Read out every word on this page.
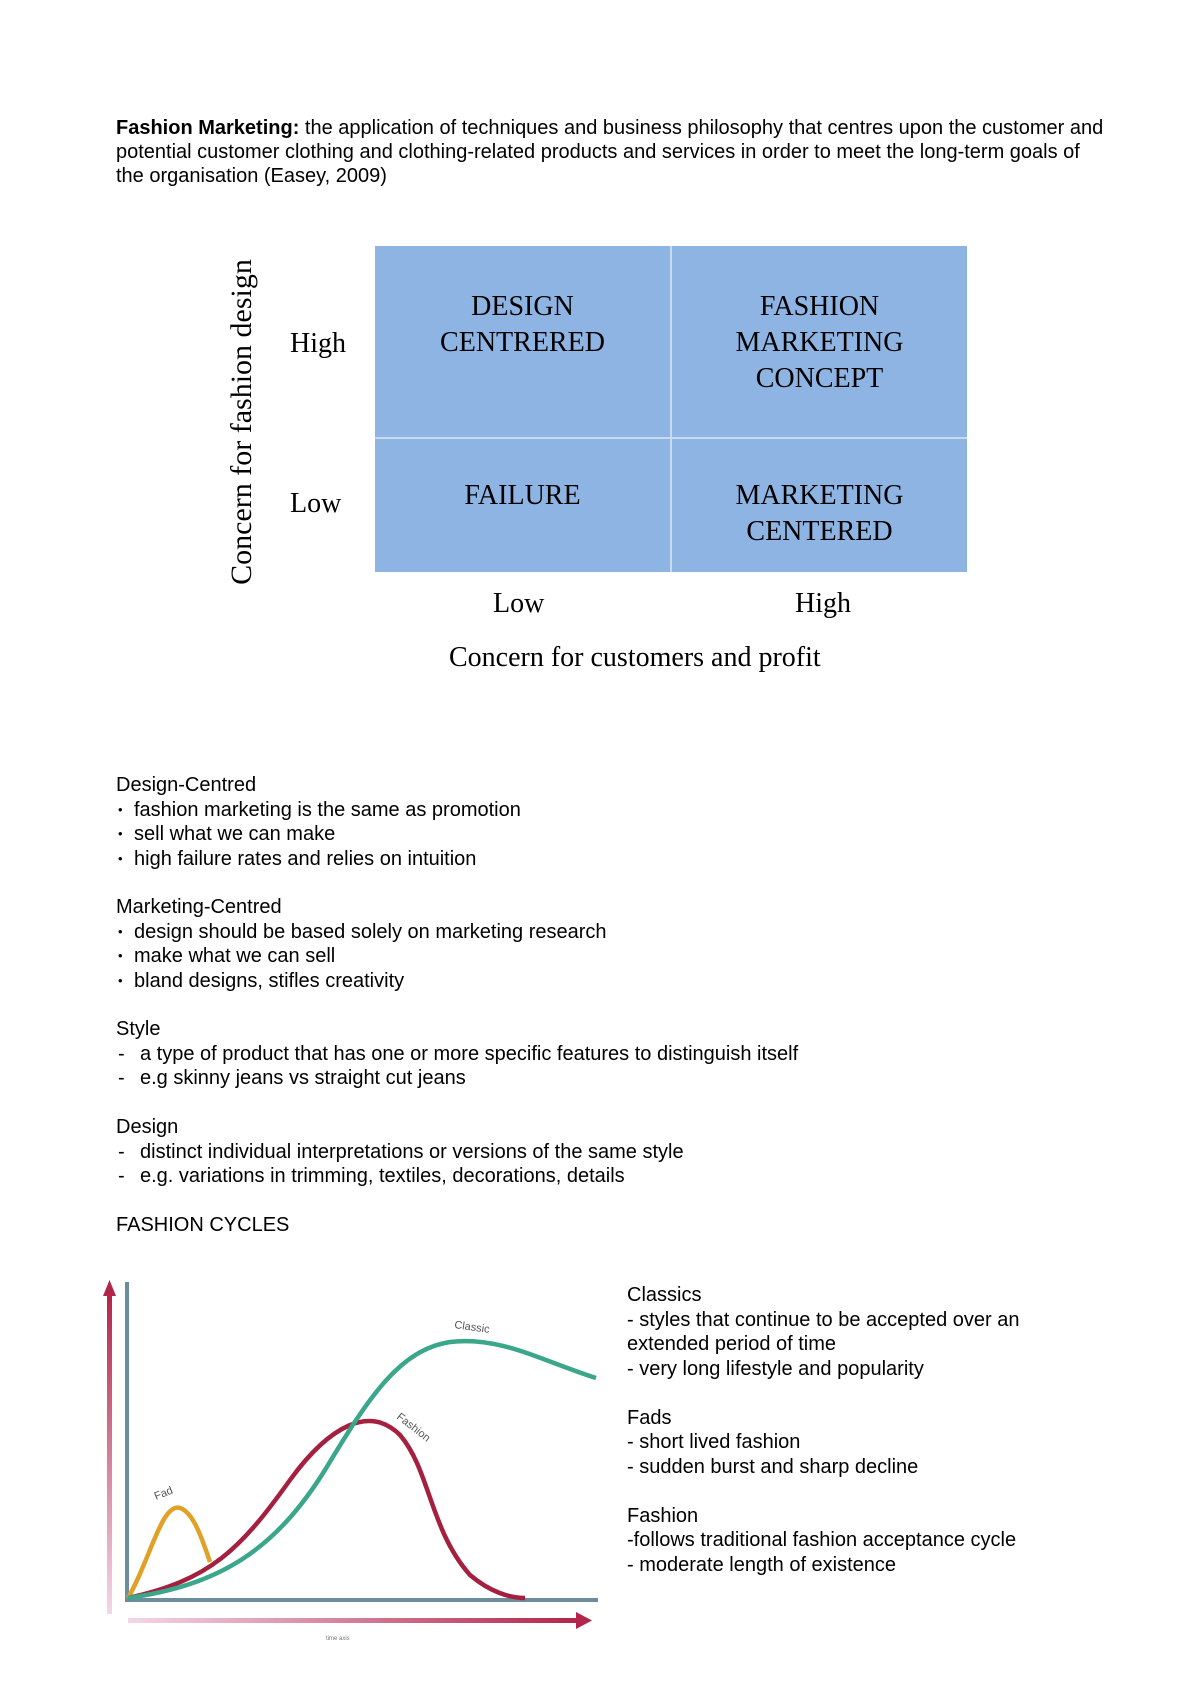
Fashion Marketing: the application of techniques and business philosophy that centres upon the customer and potential customer clothing and clothing-related products and services in order to meet the long-term goals of the organisation (Easey, 2009)
Concern for fashion design High
Low
DESIGN
CENTRERED
FASHION
MARKETING
CONCEPT
FAILURE	MARKETING
CENTERED
Low	High
Concern for customers and profit
Design-Centred
• fashion marketing is the same as promotion
• sell what we can make
• high failure rates and relies on intuition
Marketing-Centred
• design should be based solely on marketing research
• make what we can sell
• bland designs, stifles creativity
Style
- a type of product that has one or more specific features to distinguish itself
- e.g skinny jeans vs straight cut jeans
Design
- distinct individual interpretations or versions of the same style
- e.g. variations in trimming, textiles, decorations, details
FASHION CYCLES
Classic
Fashion
Fad
time axis
Classics
- styles that continue to be accepted over an extended period of time
- very long lifestyle and popularity
Fads
- short lived fashion
- sudden burst and sharp decline
Fashion
-follows traditional fashion acceptance cycle
- moderate length of existence
